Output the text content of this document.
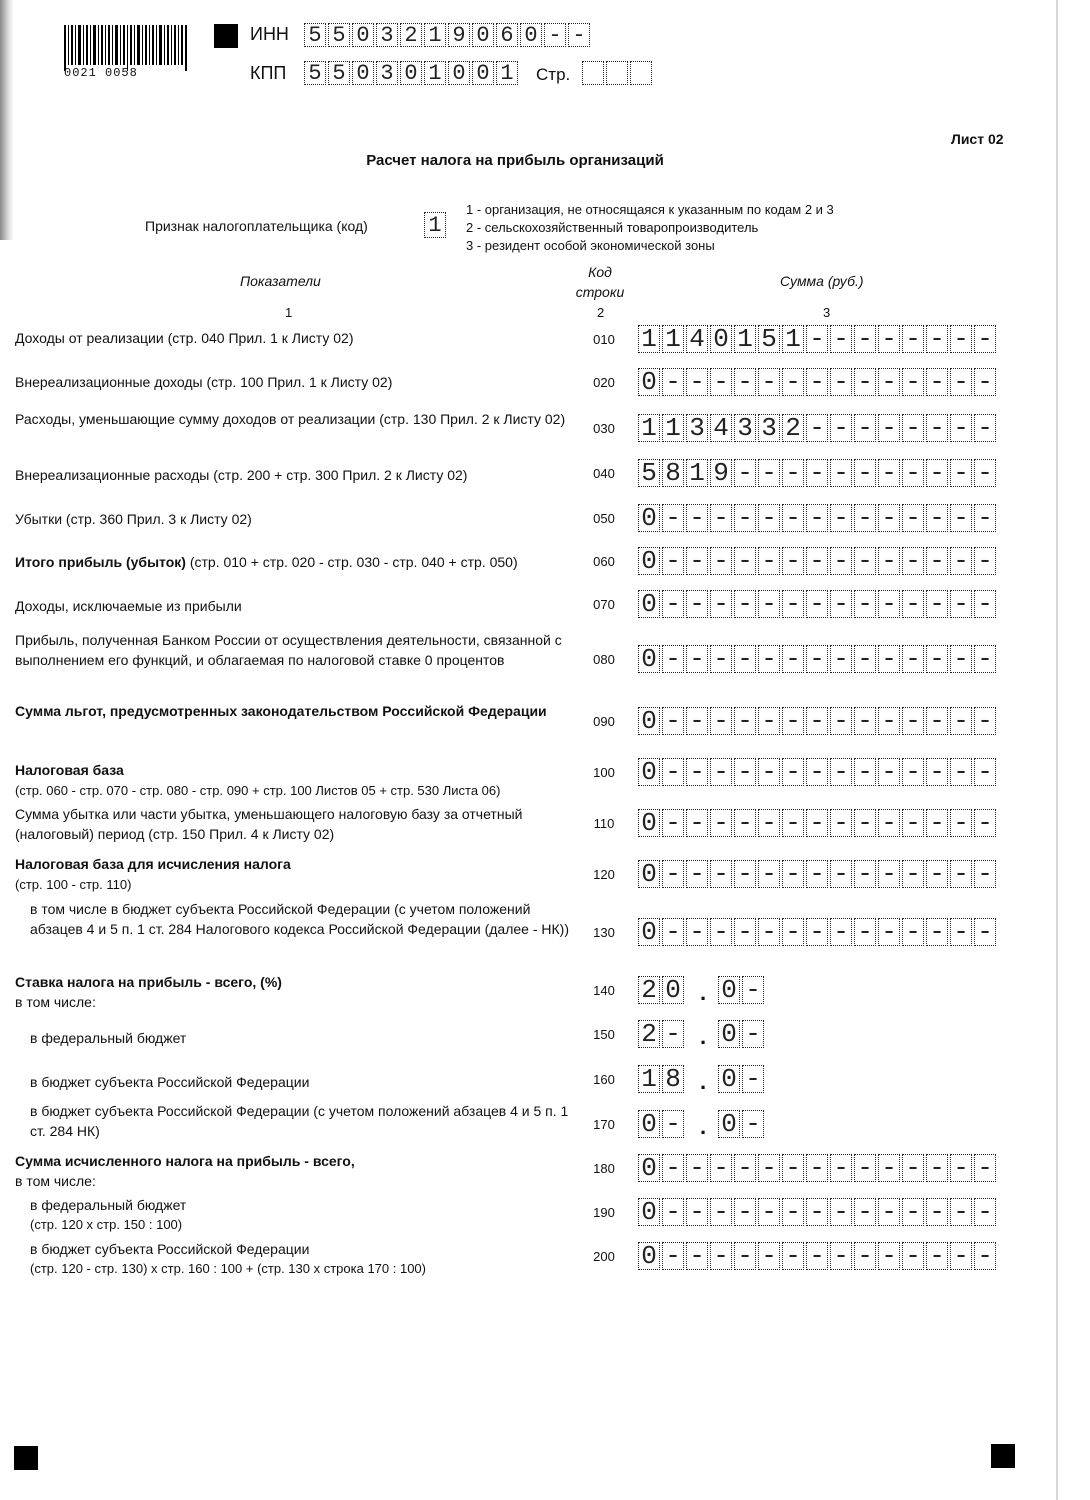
0021 0058
ИНН 5 5 0 3 2 1 9 0 6 0 - -
КПП 5 5 0 3 0 1 0 0 1 Стр.
Лист 02
Расчет налога на прибыль организаций
Признак налогоплательщика (код)	1
1 - организация, не относящаяся к указанным по кодам 2 и 3
2 - сельскохозяйственный товаропроизводитель
3 - резидент особой экономической зоны
Показатели
Код
строки
Сумма (руб.)
1	2	3
Доходы от реализации (стр. 040 Прил. 1 к Листу 02)	010 1 1 4 0 1 5 1 - - - - - - - -
Внереализационные доходы (стр. 100 Прил. 1 к Листу 02)	020 0 - - - - - - - - - - - - - -
Расходы, уменьшающие сумму доходов от реализации (стр. 130 Прил. 2 к Листу 02)
030 1 1 3 4 3 3 2 - - - - - - - -
Внереализационные расходы (стр. 200 + стр. 300 Прил. 2 к Листу 02)	040 5 8 1 9 - - - - - - - - - - -
Убытки (стр. 360 Прил. 3 к Листу 02)	050 0 - - - - - - - - - - - - - -
Итого прибыль (убыток) (стр. 010 + стр. 020 - стр. 030 - стр. 040 + стр. 050)	060 0 - - - - - - - - - - - - - -
Доходы, исключаемые из прибыли	070 0 - - - - - - - - - - - - - -
Прибыль, полученная Банком России от осуществления деятельности, связанной с выполнением его функций, и облагаемая по налоговой ставке 0 процентов	080 0 - - - - - - - - - - - - - -
Сумма льгот, предусмотренных законодательством Российской Федерации
090 0 - - - - - - - - - - - - - -
Налоговая база
(стр. 060 - стр. 070 - стр. 080 - стр. 090 + стр. 100 Листов 05 + стр. 530 Листа 06)
100 0 - - - - - - - - - - - - - -
Сумма убытка или части убытка, уменьшающего налоговую базу за отчетный (налоговый) период (стр. 150 Прил. 4 к Листу 02)
110 0 - - - - - - - - - - - - - -
Налоговая база для исчисления налога
(стр. 100 - стр. 110)
120 0 - - - - - - - - - - - - - -
в том числе в бюджет субъекта Российской Федерации (с учетом положений абзацев 4 и 5 п. 1 ст. 284 Налогового кодекса Российской Федерации (далее - НК))	130 0 - - - - - - - - - - - - - -
Ставка налога на прибыль - всего, (%)
в том числе:
140 2 0 . 0 -
в федеральный бюджет	150 2 - . 0 -
в бюджет субъекта Российской Федерации	160 1 8 . 0 -
в бюджет субъекта Российской Федерации (с учетом положений абзацев 4 и 5 п. 1 ст. 284 НК)	170 0 - . 0 -
Сумма исчисленного налога на прибыль - всего,
в том числе:
180 0 - - - - - - - - - - - - - -
в федеральный бюджет
(стр. 120 x стр. 150 : 100)
190 0 - - - - - - - - - - - - - -
в бюджет субъекта Российской Федерации
(стр. 120 - стр. 130) x стр. 160 : 100 + (стр. 130 x строка 170 : 100)
200 0 - - - - - - - - - - - - - -
